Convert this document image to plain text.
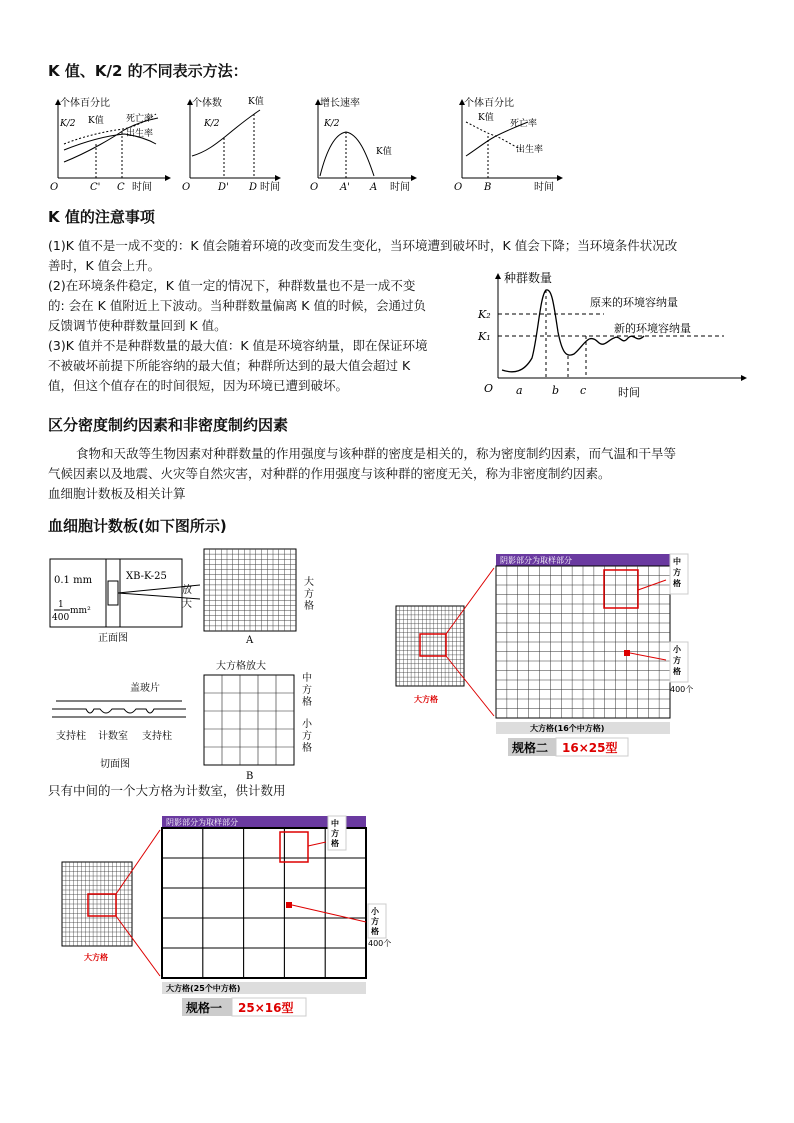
K 值、K/2 的不同表示方法：
个体百分比
K/2 K值 死亡率
出生率
O	C' C 时间
个体数	K值
K/2
O	D' D 时间
增长速率
K/2
K值
O A' A 时间
个体百分比
K值
死亡率
出生率
O B	时间
K 值的注意事项
(1)K 值不是一成不变的：K 值会随着环境的改变而发生变化，当环境遭到破坏时，K 值会下降；当环境条件状况改
善时，K 值会上升。
(2)在环境条件稳定，K 值一定的情况下，种群数量也不是一成不变
的: 会在 K 值附近上下波动。当种群数量偏离 K 值的时候，会通过负
反馈调节使种群数量回到 K 值。
(3)K 值并不是种群数量的最大值：K 值是环境容纳量，即在保证环境
不被破坏前提下所能容纳的最大值；种群所达到的最大值会超过 K
值，但这个值存在的时间很短，因为环境已遭到破坏。
种群数量
K₂
K₁
原来的环境容纳量
新的环境容纳量
O a	b c	时间
区分密度制约因素和非密度制约因素
食物和天敌等生物因素对种群数量的作用强度与该种群的密度是相关的，称为密度制约因素，而气温和干旱等
气候因素以及地震、火灾等自然灾害，对种群的作用强度与该种群的密度无关，称为非密度制约因素。
血细胞计数板及相关计算
血细胞计数板(如下图所示)
0.1 mm
1
400
mm²
XB-K-25
放
大
正面图
大
方
格
A
大方格放大
盖玻片
支持柱 计数室 支持柱
切面图
中
方
格
小
方
格
B
阴影部分为取样部分	中
方
格
小
方
格
400个
大方格
大方格(16个中方格)
规格二 16×25型
只有中间的一个大方格为计数室，供计数用
阴影部分为取样部分	中
方
格
小
方
格
400个
大方格
大方格(25个中方格)
规格一 25×16型
